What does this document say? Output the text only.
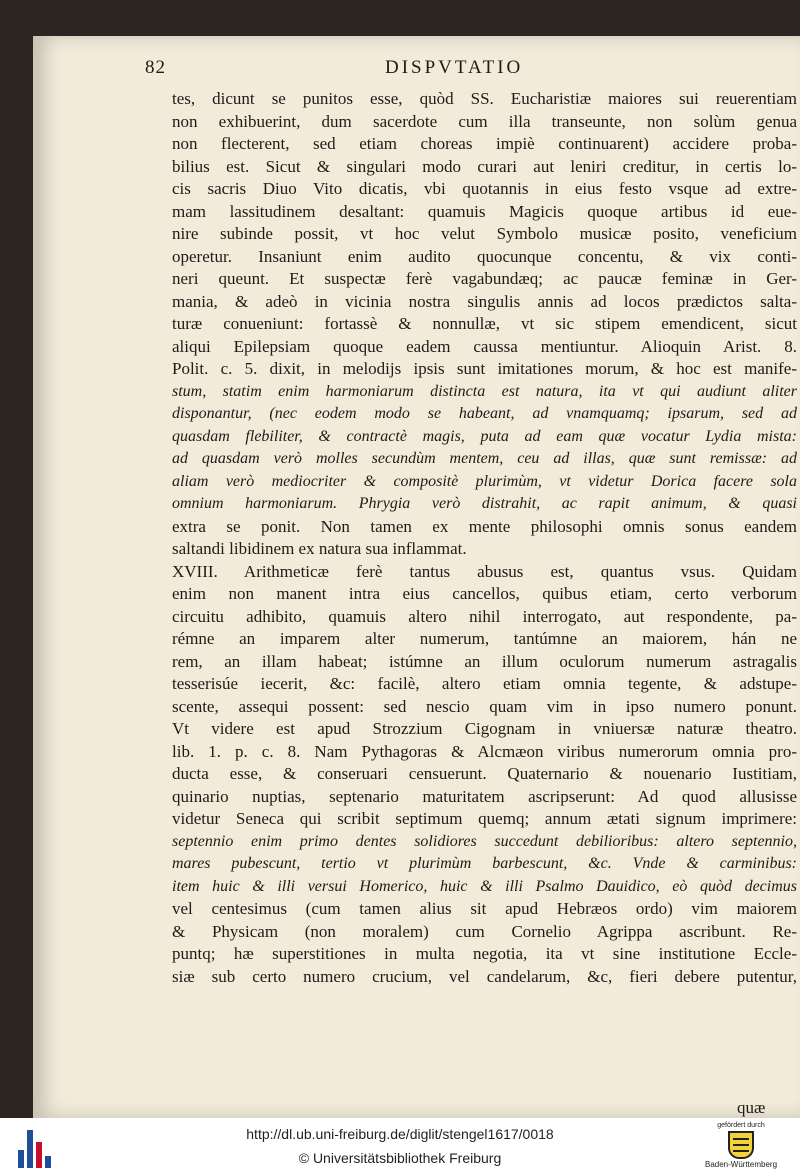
82	DISPVTATIO
tes, dicunt se punitos esse, quòd SS. Eucharistiæ maiores sui reuerentiam
non exhibuerint, dum sacerdote cum illa transeunte, non solùm genua
non flecterent, sed etiam choreas impiè continuarent) accidere proba-
bilius est. Sicut & singulari modo curari aut leniri creditur, in certis lo-
cis sacris Diuo Vito dicatis, vbi quotannis in eius festo vsque ad extre-
mam lassitudinem desaltant: quamuis Magicis quoque artibus id eue-
nire subinde possit, vt hoc velut Symbolo musicæ posito, veneficium
operetur. Insaniunt enim audito quocunque concentu, & vix conti-
neri queunt. Et suspectæ ferè vagabundæq; ac paucæ feminæ in Ger-
mania, & adeò in vicinia nostra singulis annis ad locos prædictos salta-
turæ conueniunt: fortassè & nonnullæ, vt sic stipem emendicent, sicut
aliqui Epilepsiam quoque eadem caussa mentiuntur. Alioquin Arist. 8.
Polit. c. 5. dixit, in melodijs ipsis sunt imitationes morum, & hoc est manife-
stum, statim enim harmoniarum distincta est natura, ita vt qui audiunt aliter
disponantur, (nec eodem modo se habeant, ad vnamquamq; ipsarum, sed ad
quasdam flebiliter, & contractè magis, puta ad eam quæ vocatur Lydia mista:
ad quasdam verò molles secundùm mentem, ceu ad illas, quæ sunt remissæ: ad
aliam verò mediocriter & compositè plurimùm, vt videtur Dorica facere sola
omnium harmoniarum. Phrygia verò distrahit, ac rapit animum, & quasi
extra se ponit. Non tamen ex mente philosophi omnis sonus eandem
saltandi libidinem ex natura sua inflammat.
XVIII. Arithmeticæ ferè tantus abusus est, quantus vsus. Quidam
enim non manent intra eius cancellos, quibus etiam, certo verborum
circuitu adhibito, quamuis altero nihil interrogato, aut respondente, pa-
rémne an imparem alter numerum, tantúmne an maiorem, hán ne
rem, an illam habeat; istúmne an illum oculorum numerum astragalis
tesserisúe iecerit, &c: facilè, altero etiam omnia tegente, & adstupe-
scente, assequi possent: sed nescio quam vim in ipso numero ponunt.
Vt videre est apud Strozzium Cigognam in vniuersæ naturæ theatro.
lib. 1. p. c. 8. Nam Pythagoras & Alcmæon viribus numerorum omnia pro-
ducta esse, & conseruari censuerunt. Quaternario & nouenario Iustitiam,
quinario nuptias, septenario maturitatem ascripserunt: Ad quod allusisse
videtur Seneca qui scribit septimum quemq; annum ætati signum imprimere:
septennio enim primo dentes solidiores succedunt debilioribus: altero septennio,
mares pubescunt, tertio vt plurimùm barbescunt, &c. Vnde & carminibus:
item huic & illi versui Homerico, huic & illi Psalmo Dauidico, eò quòd decimus
vel centesimus (cum tamen alius sit apud Hebræos ordo) vim maiorem
& Physicam (non moralem) cum Cornelio Agrippa ascribunt. Re-
puntq; hæ superstitiones in multa negotia, ita vt sine institutione Eccle-
siæ sub certo numero crucium, vel candelarum, &c, fieri debere putentur,
quæ
http://dl.ub.uni-freiburg.de/diglit/stengel1617/0018
© Universitätsbibliothek Freiburg
gefördert durch
Baden-Württemberg
